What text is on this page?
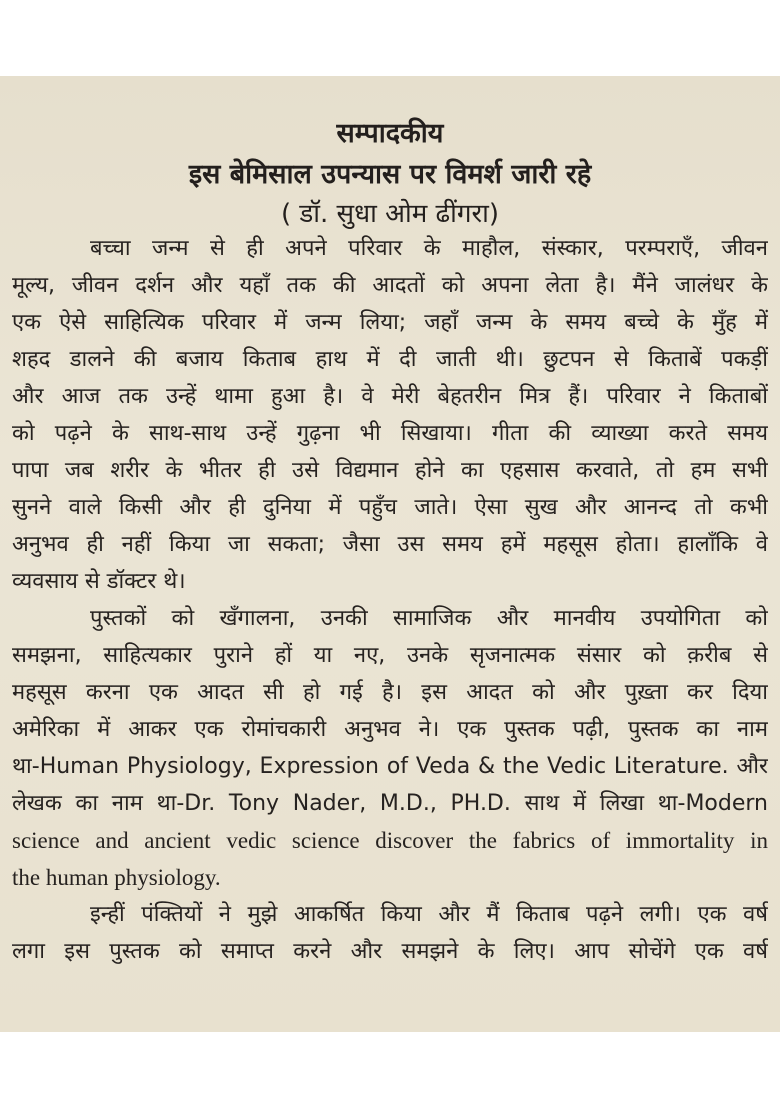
सम्पादकीय
इस बेमिसाल उपन्यास पर विमर्श जारी रहे
( डॉ. सुधा ओम ढींगरा)
बच्चा जन्म से ही अपने परिवार के माहौल, संस्कार, परम्पराएँ, जीवन
मूल्य, जीवन दर्शन और यहाँ तक की आदतों को अपना लेता है। मैंने जालंधर के
एक ऐसे साहित्यिक परिवार में जन्म लिया; जहाँ जन्म के समय बच्चे के मुँह में
शहद डालने की बजाय किताब हाथ में दी जाती थी। छुटपन से किताबें पकड़ीं
और आज तक उन्हें थामा हुआ है। वे मेरी बेहतरीन मित्र हैं। परिवार ने किताबों
को पढ़ने के साथ-साथ उन्हें गुढ़ना भी सिखाया। गीता की व्याख्या करते समय
पापा जब शरीर के भीतर ही उसे विद्यमान होने का एहसास करवाते, तो हम सभी
सुनने वाले किसी और ही दुनिया में पहुँच जाते। ऐसा सुख और आनन्द तो कभी
अनुभव ही नहीं किया जा सकता; जैसा उस समय हमें महसूस होता। हालाँकि वे
व्यवसाय से डॉक्टर थे।
पुस्तकों को खँगालना, उनकी सामाजिक और मानवीय उपयोगिता को
समझना, साहित्यकार पुराने हों या नए, उनके सृजनात्मक संसार को क़रीब से
महसूस करना एक आदत सी हो गई है। इस आदत को और पुख़्ता कर दिया
अमेरिका में आकर एक रोमांचकारी अनुभव ने। एक पुस्तक पढ़ी, पुस्तक का नाम
था-Human Physiology, Expression of Veda & the Vedic Literature. और
लेखक का नाम था-Dr. Tony Nader, M.D., PH.D. साथ में लिखा था-Modern
science and ancient vedic science discover the fabrics of immortality in
the human physiology.
इन्हीं पंक्तियों ने मुझे आकर्षित किया और मैं किताब पढ़ने लगी। एक वर्ष
लगा इस पुस्तक को समाप्त करने और समझने के लिए। आप सोचेंगे एक वर्ष
